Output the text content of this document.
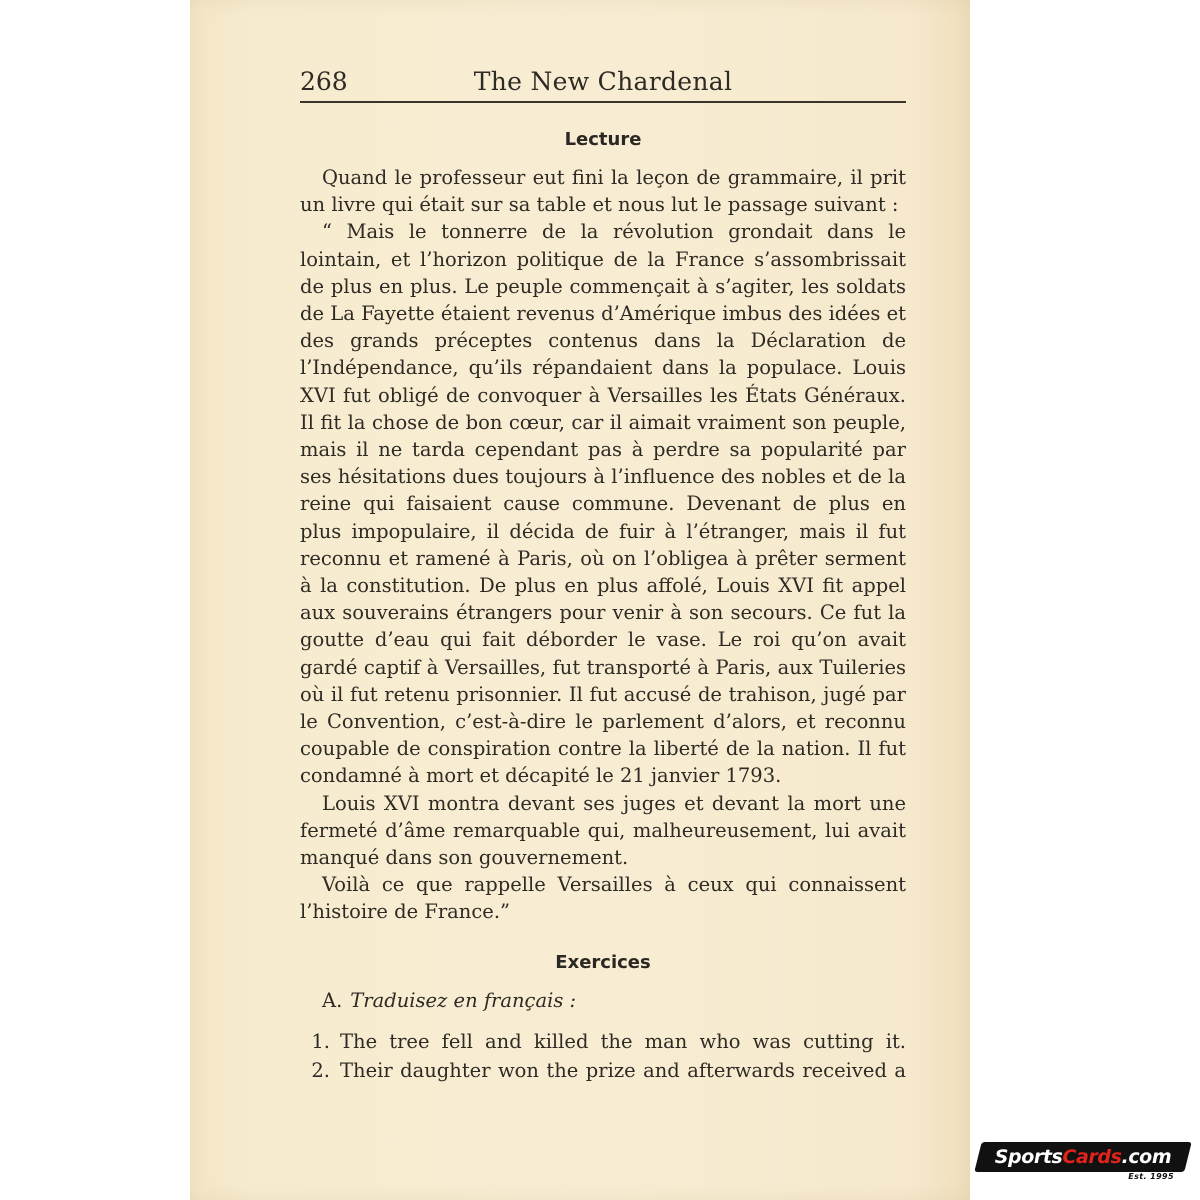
268	The New Chardenal
Lecture

Quand le professeur eut fini la leçon de grammaire, il prit un livre qui était sur sa table et nous lut le passage suivant :

“ Mais le tonnerre de la révolution grondait dans le lointain, et l’horizon politique de la France s’assombrissait de plus en plus. Le peuple commençait à s’agiter, les soldats de La Fayette étaient revenus d’Amérique imbus des idées et des grands préceptes contenus dans la Déclaration de l’Indépendance, qu’ils répandaient dans la populace. Louis XVI fut obligé de convoquer à Versailles les États Généraux. Il fit la chose de bon cœur, car il aimait vraiment son peuple, mais il ne tarda cependant pas à perdre sa popularité par ses hésitations dues toujours à l’influence des nobles et de la reine qui faisaient cause commune. Devenant de plus en plus impopulaire, il décida de fuir à l’étranger, mais il fut reconnu et ramené à Paris, où on l’obligea à prêter serment à la constitution. De plus en plus affolé, Louis XVI fit appel aux souverains étrangers pour venir à son secours. Ce fut la goutte d’eau qui fait déborder le vase. Le roi qu’on avait gardé captif à Versailles, fut transporté à Paris, aux Tuileries où il fut retenu prisonnier. Il fut accusé de trahison, jugé par le Convention, c’est-à-dire le parlement d’alors, et reconnu coupable de conspiration contre la liberté de la nation. Il fut condamné à mort et décapité le 21 janvier 1793.

Louis XVI montra devant ses juges et devant la mort une fermeté d’âme remarquable qui, malheureusement, lui avait manqué dans son gouvernement.

Voilà ce que rappelle Versailles à ceux qui connaissent l’histoire de France.”

Exercices
A. Traduisez en français :
1. The tree fell and killed the man who was cutting it.
2. Their daughter won the prize and afterwards received a
SportsCards.com
Est. 1995
